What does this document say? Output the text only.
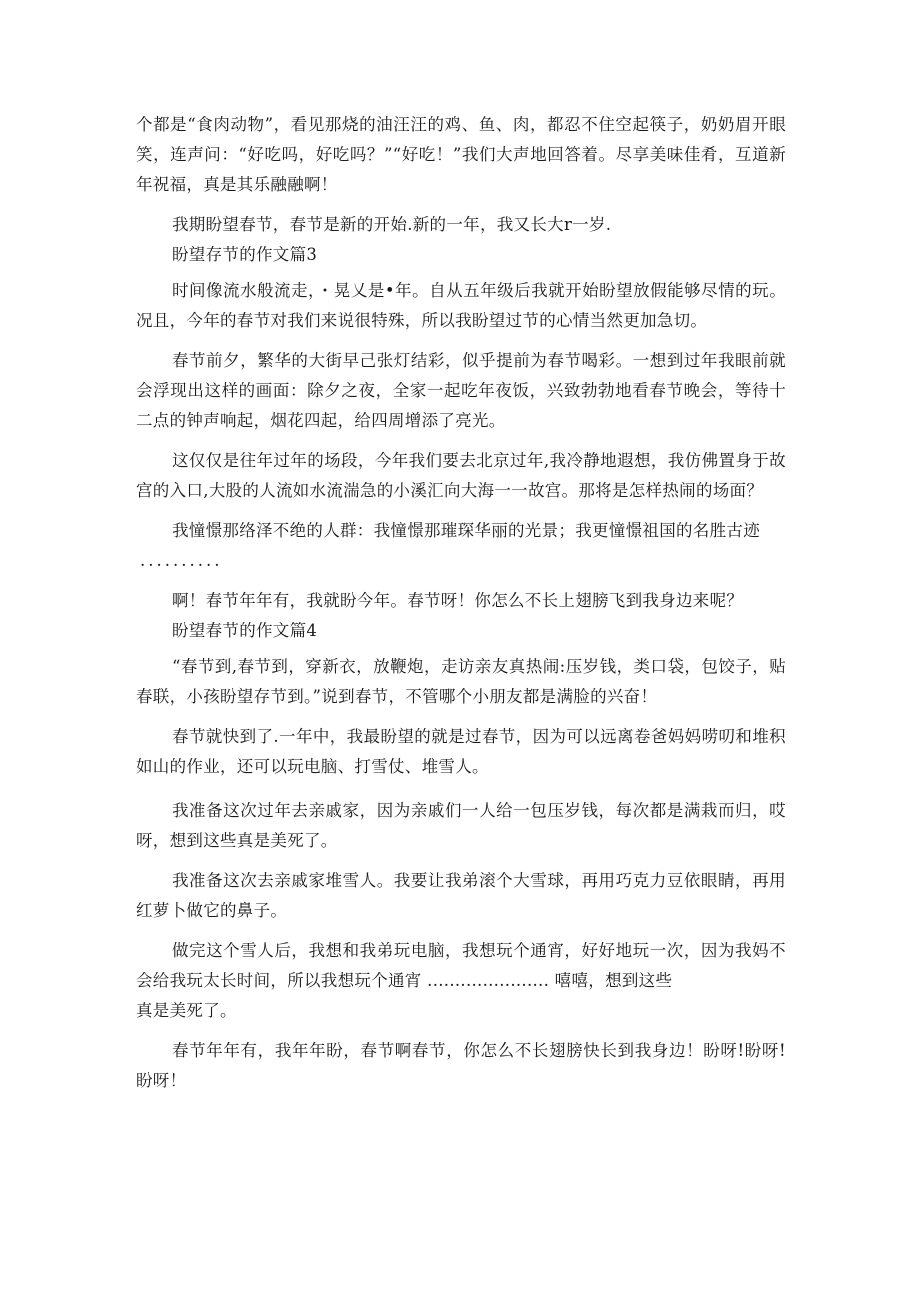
个都是“食肉动物”，看见那烧的油汪汪的鸡、鱼、肉，都忍不住空起筷子，奶奶眉开眼笑，连声问：“好吃吗，好吃吗？”“好吃！”我们大声地回答着。尽享美味佳肴，互道新年祝福，真是其乐融融啊！

我期盼望春节，春节是新的开始.新的一年，我又长大r一岁.

盼望存节的作文篇3

时间像流水般流走，・晃乂是•年。自从五年级后我就开始盼望放假能够尽情的玩。况且，今年的春节对我们来说很特殊，所以我盼望过节的心情当然更加急切。

春节前夕，繁华的大街早己张灯结彩，似乎提前为春节喝彩。一想到过年我眼前就会浮现出这样的画面：除夕之夜，全家一起吃年夜饭，兴致勃勃地看春节晚会，等待十二点的钟声响起，烟花四起，给四周增添了亮光。

这仅仅是往年过年的场段，今年我们要去北京过年,我冷静地遐想，我仿佛置身于故宫的入口,大股的人流如水流湍急的小溪汇向大海一一故宫。那将是怎样热闹的场面？

我憧憬那络泽不绝的人群：我憧憬那璀琛华丽的光景；我更憧憬祖国的名胜古迹

..........

啊！春节年年有，我就盼今年。春节呀！你怎么不长上翅膀飞到我身边来呢？

盼望春节的作文篇4

“春节到,春节到，穿新衣，放鞭炮，走访亲友真热闹:压岁钱，类口袋，包饺子，贴春联，小孩盼望存节到。”说到春节，不管哪个小朋友都是满脸的兴奋！

春节就快到了.一年中，我最盼望的就是过春节，因为可以远离卷爸妈妈唠叨和堆积如山的作业，还可以玩电脑、打雪仗、堆雪人。

我准备这次过年去亲戚家，因为亲戚们一人给一包压岁钱，每次都是满栽而归，哎呀，想到这些真是美死了。

我准备这次去亲戚家堆雪人。我要让我弟滚个大雪球，再用巧克力豆依眼睛，再用红萝卜做它的鼻子。

做完这个雪人后，我想和我弟玩电脑，我想玩个通宵，好好地玩一次，因为我妈不会给我玩太长时间，所以我想玩个通宵 ...................... 嘻嘻，想到这些

真是美死了。

春节年年有，我年年盼，春节啊春节，你怎么不长翅膀快长到我身边！盼呀!盼呀!盼呀！
